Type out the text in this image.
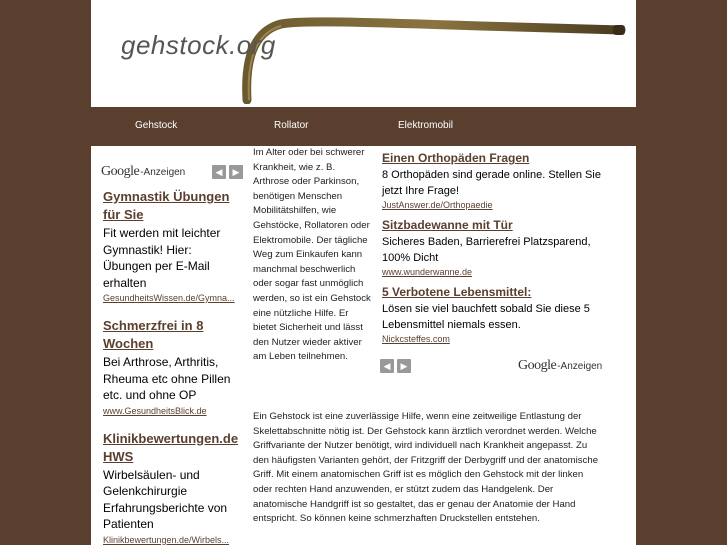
gehstock.org
Gehstock	Rollator	Elektromobil
Google -Anzeigen	◀	▶
Gymnastik Übungen für Sie
Fit werden mit leichter Gymnastik! Hier: Übungen per E-Mail erhalten
GesundheitsWissen.de/Gymna...
Schmerzfrei in 8 Wochen
Bei Arthrose, Arthritis, Rheuma etc ohne Pillen etc. und ohne OP
www.GesundheitsBlick.de
Klinikbewertungen.de HWS
Wirbelsäulen- und Gelenkchirurgie Erfahrungsberichte von Patienten
Klinikbewertungen.de/Wirbels...
Im Alter oder bei schwerer Krankheit, wie z. B. Arthrose oder Parkinson, benötigen Menschen Mobilitätshilfen, wie Gehstöcke, Rollatoren oder Elektromobile. Der tägliche Weg zum Einkaufen kann manchmal beschwerlich oder sogar fast unmöglich werden, so ist ein Gehstock eine nützliche Hilfe. Er bietet Sicherheit und lässt den Nutzer wieder aktiver am Leben teilnehmen.
Einen Orthopäden Fragen
8 Orthopäden sind gerade online. Stellen Sie jetzt Ihre Frage!
JustAnswer.de/Orthopaedie
Sitzbadewanne mit Tür
Sicheres Baden, Barrierefrei Platzsparend, 100% Dicht
www.wunderwanne.de
5 Verbotene Lebensmittel:
Lösen sie viel bauchfett sobald Sie diese 5 Lebensmittel niemals essen.
Nickcsteffes.com
◀	▶	Google -Anzeigen
Ein Gehstock ist eine zuverlässige Hilfe, wenn eine zeitweilige Entlastung der Skelettabschnitte nötig ist. Der Gehstock kann ärztlich verordnet werden. Welche Griffvariante der Nutzer benötigt, wird individuell nach Krankheit angepasst. Zu den häufigsten Varianten gehört, der Fritzgriff der Derbygriff und der anatomische Griff. Mit einem anatomischen Griff ist es möglich den Gehstock mit der linken oder rechten Hand anzuwenden, er stützt zudem das Handgelenk. Der anatomische Handgriff ist so gestaltet, das er genau der Anatomie der Hand entspricht. So können keine schmerzhaften Druckstellen entstehen.
